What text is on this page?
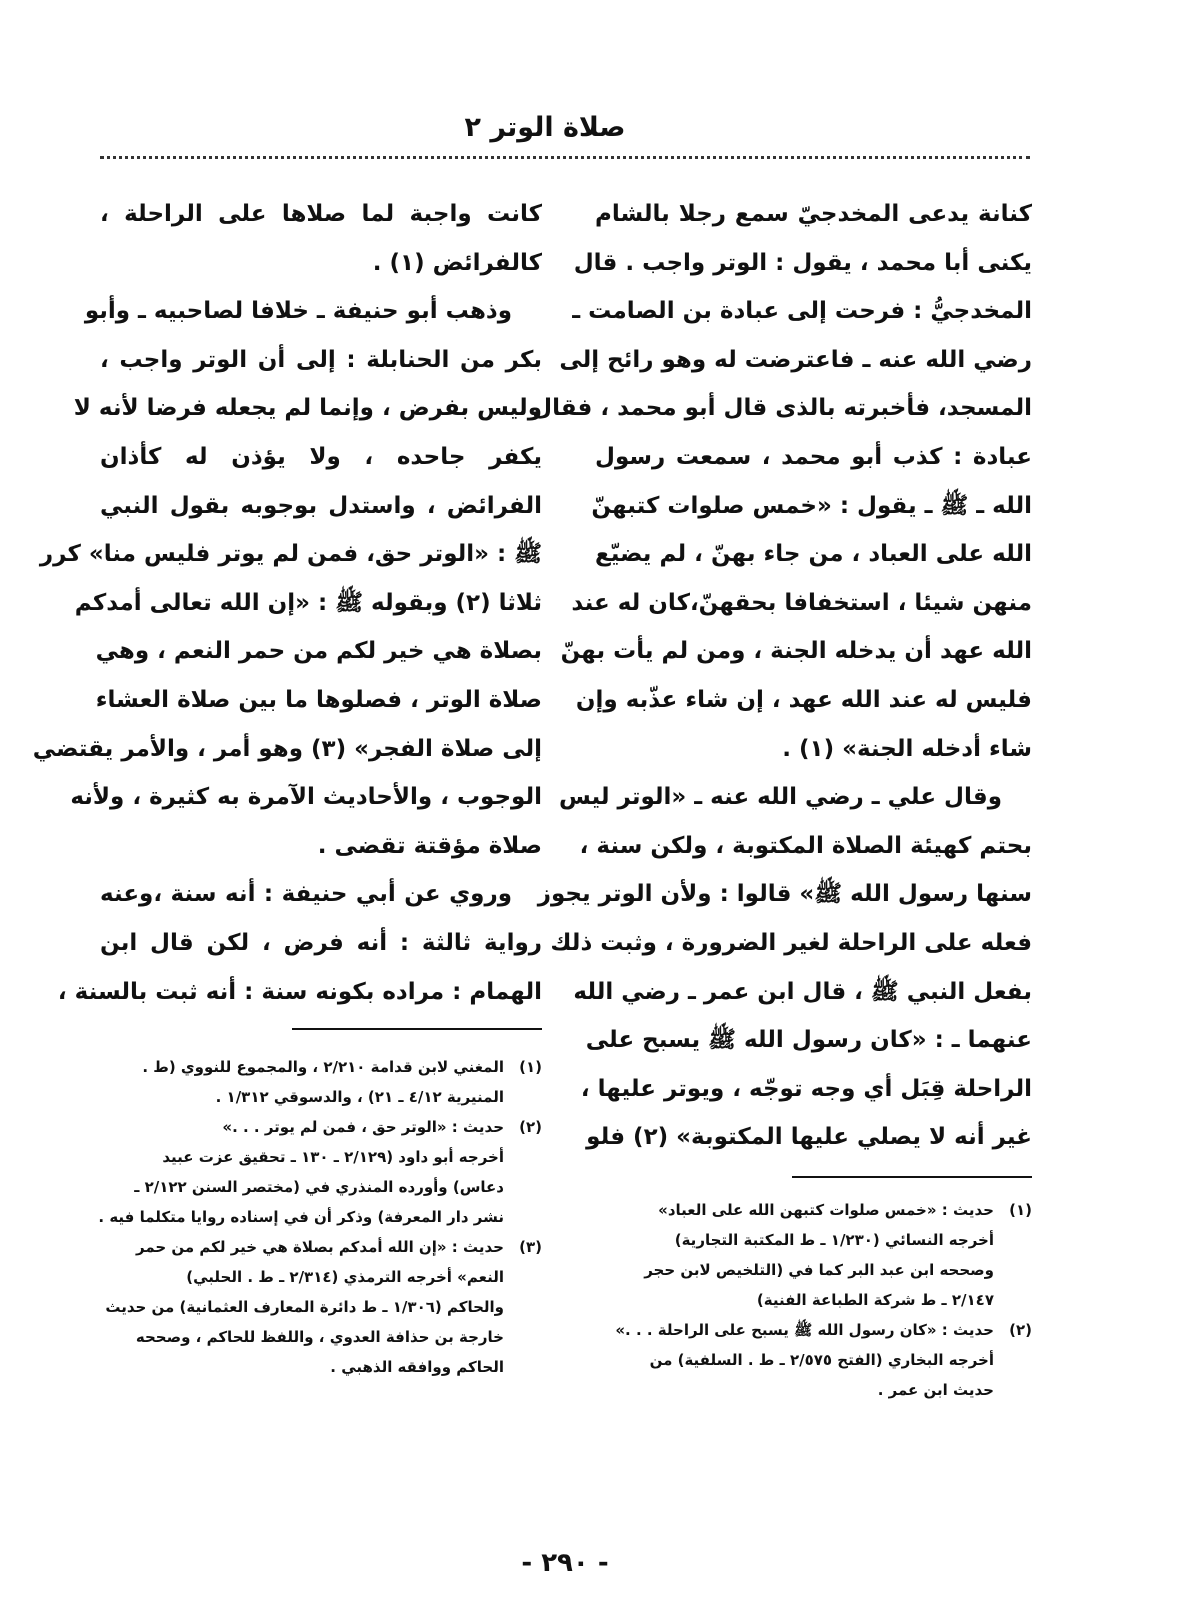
صلاة الوتر ٢
كنانة يدعى المخدجيّ سمع رجلا بالشام
يكنى أبا محمد ، يقول : الوتر واجب . قال
المخدجيُّ : فرحت إلى عبادة بن الصامت ـ
رضي الله عنه ـ فاعترضت له وهو رائح إلى
المسجد، فأخبرته بالذى قال أبو محمد ، فقال
عبادة : كذب أبو محمد ، سمعت رسول
الله ـ ﷺ ـ يقول : «خمس صلوات كتبهنّ
الله على العباد ، من جاء بهنّ ، لم يضيّع
منهن شيئا ، استخفافا بحقهنّ،كان له عند
الله عهد أن يدخله الجنة ، ومن لم يأت بهنّ
فليس له عند الله عهد ، إن شاء عذّبه وإن
شاء أدخله الجنة» (١) .
وقال علي ـ رضي الله عنه ـ «الوتر ليس
بحتم كهيئة الصلاة المكتوبة ، ولكن سنة ،
سنها رسول الله ﷺ» قالوا : ولأن الوتر يجوز
فعله على الراحلة لغير الضرورة ، وثبت ذلك
بفعل النبي ﷺ ، قال ابن عمر ـ رضي الله
عنهما ـ : «كان رسول الله ﷺ يسبح على
الراحلة قِبَل أي وجه توجّه ، ويوتر عليها ،
غير أنه لا يصلي عليها المكتوبة» (٢) فلو
كانت واجبة لما صلاها على الراحلة ،
كالفرائض (١) .
وذهب أبو حنيفة ـ خلافا لصاحبيه ـ وأبو
بكر من الحنابلة : إلى أن الوتر واجب ،
وليس بفرض ، وإنما لم يجعله فرضا لأنه لا
يكفر جاحده ، ولا يؤذن له كأذان
الفرائض ، واستدل بوجوبه بقول النبي
ﷺ : «الوتر حق، فمن لم يوتر فليس منا» كرر
ثلاثا (٢) وبقوله ﷺ : «إن الله تعالى أمدكم
بصلاة هي خير لكم من حمر النعم ، وهي
صلاة الوتر ، فصلوها ما بين صلاة العشاء
إلى صلاة الفجر» (٣) وهو أمر ، والأمر يقتضي
الوجوب ، والأحاديث الآمرة به كثيرة ، ولأنه
صلاة مؤقتة تقضى .
وروي عن أبي حنيفة : أنه سنة ،وعنه
رواية ثالثة : أنه فرض ، لكن قال ابن
الهمام : مراده بكونه سنة : أنه ثبت بالسنة ،
(١)
المغني لابن قدامة ٢/٢١٠ ، والمجموع للنووي (ط .
المنيرية ٤/١٢ ـ ٢١) ، والدسوقي ١/٣١٢ .
(٢)
حديث : «الوتر حق ، فمن لم يوتر . . .»
أخرجه أبو داود (٢/١٢٩ ـ ١٣٠ ـ تحقيق عزت عبيد
دعاس) وأورده المنذري في (مختصر السنن ٢/١٢٢ ـ
نشر دار المعرفة) وذكر أن في إسناده روايا متكلما فيه .
(٣)
حديث : «إن الله أمدكم بصلاة هي خير لكم من حمر
النعم» أخرجه الترمذي (٢/٣١٤ ـ ط . الحلبي)
والحاكم (١/٣٠٦ ـ ط دائرة المعارف العثمانية) من حديث
خارجة بن حذافة العدوي ، واللفظ للحاكم ، وصححه
الحاكم ووافقه الذهبي .
(١)
حديث : «خمس صلوات كتبهن الله على العباد»
أخرجه النسائي (١/٢٣٠ ـ ط المكتبة التجارية)
وصححه ابن عبد البر كما في (التلخيص لابن حجر
٢/١٤٧ ـ ط شركة الطباعة الفنية)
(٢)
حديث : «كان رسول الله ﷺ يسبح على الراحلة . . .»
أخرجه البخاري (الفتح ٢/٥٧٥ ـ ط . السلفية) من
حديث ابن عمر .
- ٢٩٠ -
